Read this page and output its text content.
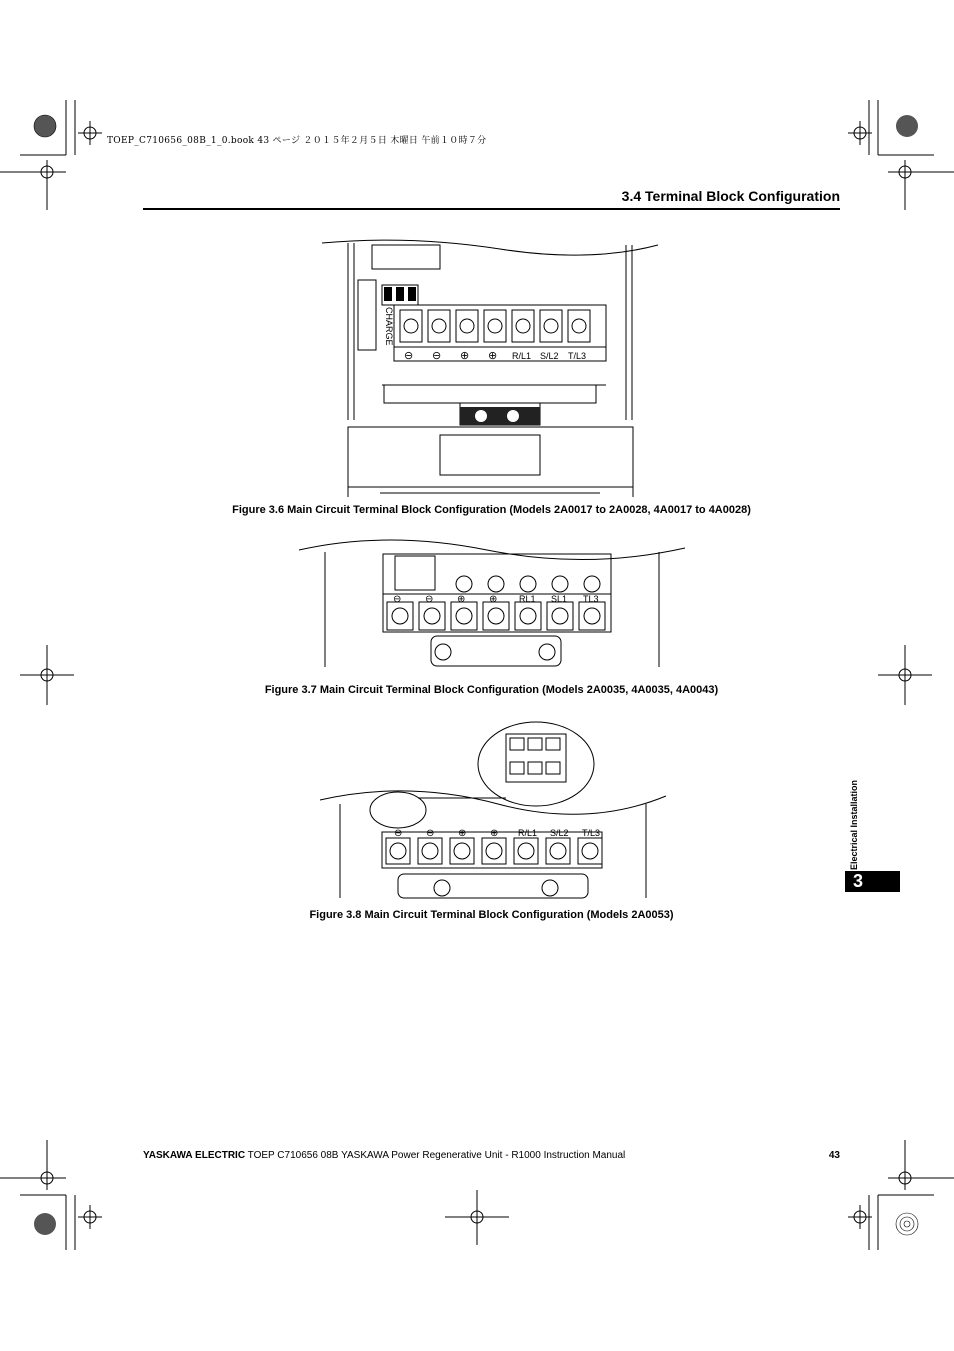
TOEP_C710656_08B_1_0.book 43 ページ ２０１５年２月５日 木曜日 午前１０時７分
3.4 Terminal Block Configuration
CHARGE
⊖ ⊖ ⊕ ⊕ R/L1 S/L2 T/L3
Figure 3.6 Main Circuit Terminal Block Configuration (Models 2A0017 to 2A0028, 4A0017 to 4A0028)
⊖ ⊖ ⊕ ⊕ RL1 SL1 TL3
Figure 3.7 Main Circuit Terminal Block Configuration (Models 2A0035, 4A0035, 4A0043)
⊖ ⊖ ⊕ ⊕ R/L1 S/L2 T/L3
Figure 3.8 Main Circuit Terminal Block Configuration (Models 2A0053)
Electrical Installation
3
YASKAWA ELECTRIC TOEP C710656 08B YASKAWA Power Regenerative Unit - R1000 Instruction Manual	43
